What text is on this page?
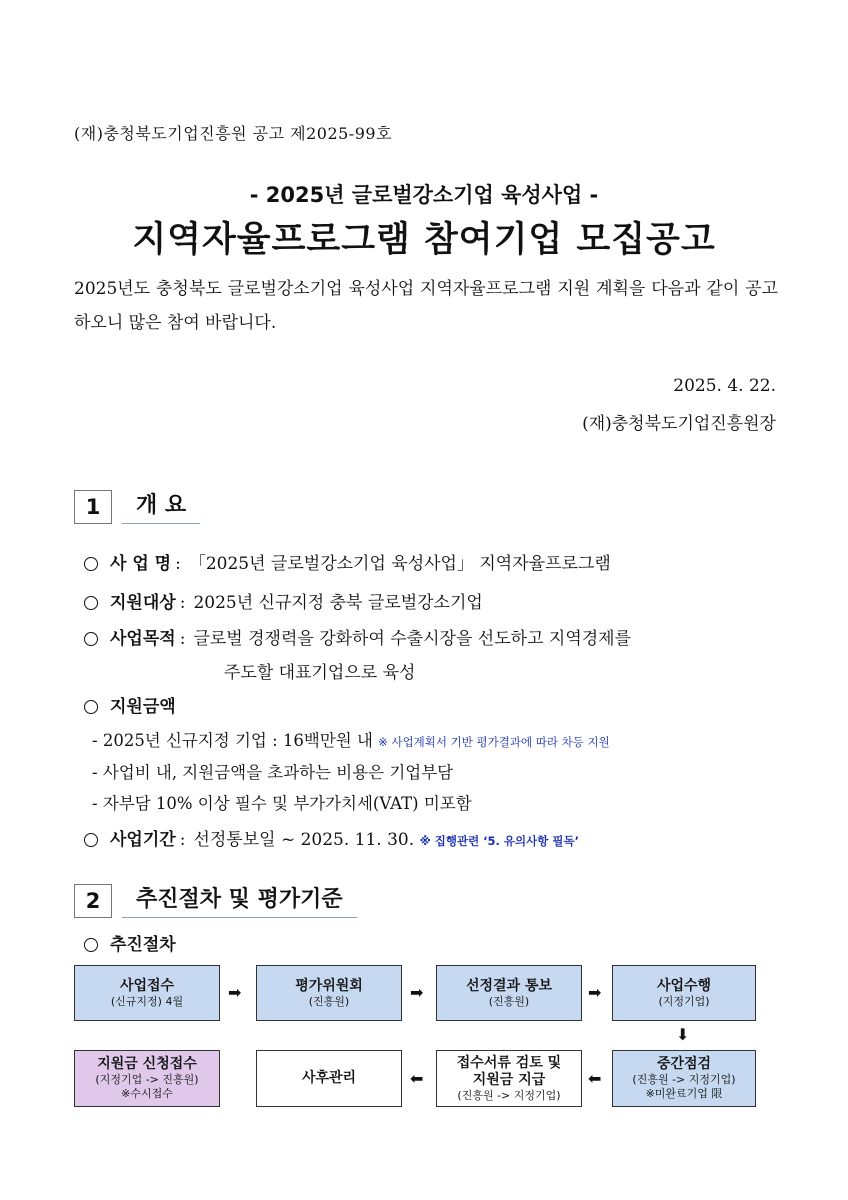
(재)충청북도기업진흥원 공고 제2025-99호
- 2025년 글로벌강소기업 육성사업 -
지역자율프로그램 참여기업 모집공고
2025년도 충청북도 글로벌강소기업 육성사업 지역자율프로그램 지원 계획을 다음과 같이 공고하오니 많은 참여 바랍니다.
2025. 4. 22.
(재)충청북도기업진흥원장
1	개 요
사 업 명 : 「2025년 글로벌강소기업 육성사업」 지역자율프로그램
지원대상 : 2025년 신규지정 충북 글로벌강소기업
사업목적 : 글로벌 경쟁력을 강화하여 수출시장을 선도하고 지역경제를
주도할 대표기업으로 육성
지원금액
- 2025년 신규지정 기업 : 16백만원 내 ※ 사업계획서 기반 평가결과에 따라 차등 지원
- 사업비 내, 지원금액을 초과하는 비용은 기업부담
- 자부담 10% 이상 필수 및 부가가치세(VAT) 미포함
사업기간 : 선정통보일 ~ 2025. 11. 30. ※ 집행관련 ‘5. 유의사항 필독’
2	추진절차 및 평가기준
추진절차
사업접수
(신규지정) 4월	➡	평가위원회
(진흥원)	➡	선정결과 통보
(진흥원)	➡	사업수행
(지정기업)
⬇
지원금 신청접수
(지정기업 -> 진흥원)
※수시접수
사후관리	⬅
접수서류 검토 및
지원금 지급
(진흥원 -> 지정기업)
⬅
중간점검
(진흥원 -> 지정기업)
※미완료기업 限
